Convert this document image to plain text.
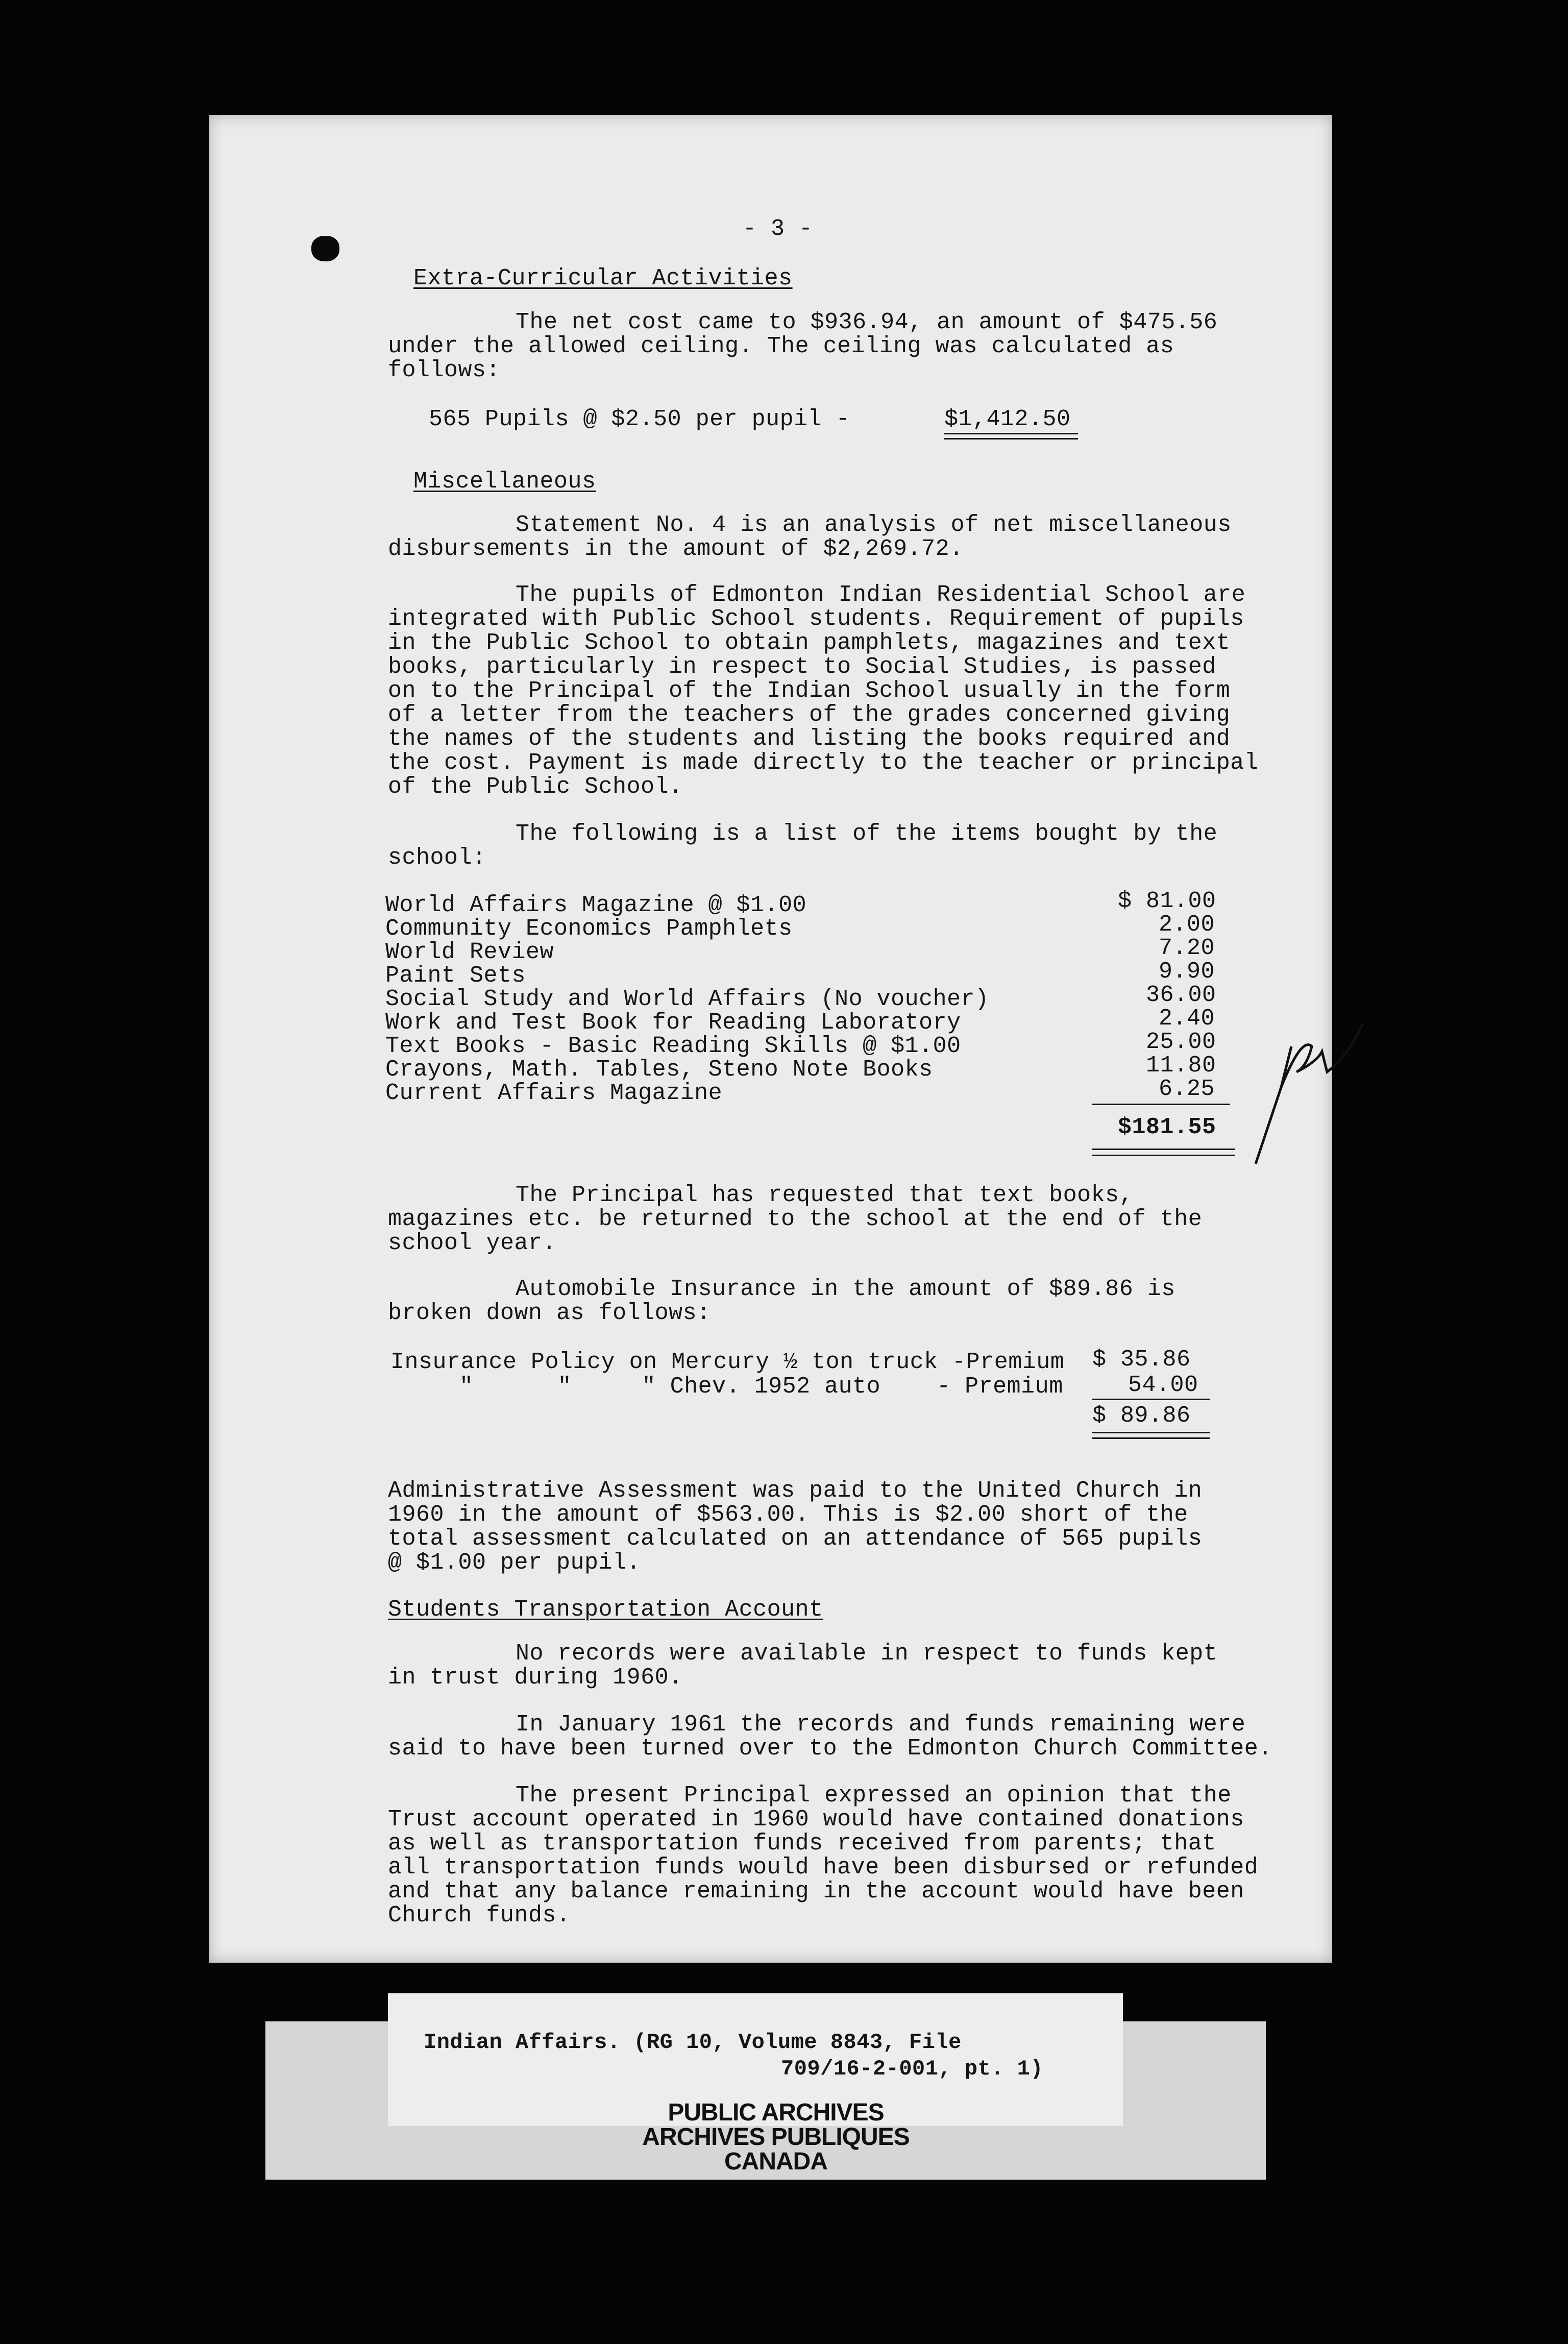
- 3 -
Extra-Curricular Activities
The net cost came to $936.94, an amount of $475.56
under the allowed ceiling. The ceiling was calculated as
follows:
565 Pupils @ $2.50 per pupil -	$1,412.50
Miscellaneous
Statement No. 4 is an analysis of net miscellaneous
disbursements in the amount of $2,269.72.
The pupils of Edmonton Indian Residential School are
integrated with Public School students. Requirement of pupils
in the Public School to obtain pamphlets, magazines and text
books, particularly in respect to Social Studies, is passed
on to the Principal of the Indian School usually in the form
of a letter from the teachers of the grades concerned giving
the names of the students and listing the books required and
the cost. Payment is made directly to the teacher or principal
of the Public School.
The following is a list of the items bought by the
school:
World Affairs Magazine @ $1.00
Community Economics Pamphlets
World Review
Paint Sets
Social Study and World Affairs (No voucher)
Work and Test Book for Reading Laboratory
Text Books - Basic Reading Skills @ $1.00
Crayons, Math. Tables, Steno Note Books
Current Affairs Magazine
$ 81.00
2.00
7.20
9.90
36.00
2.40
25.00
11.80
6.25
$181.55
The Principal has requested that text books,
magazines etc. be returned to the school at the end of the
school year.
Automobile Insurance in the amount of $89.86 is
broken down as follows:
Insurance Policy on Mercury ½ ton truck -Premium $ 35.86
"      "     " Chev. 1952 auto    - Premium	54.00
$ 89.86
Administrative Assessment was paid to the United Church in
1960 in the amount of $563.00. This is $2.00 short of the
total assessment calculated on an attendance of 565 pupils
@ $1.00 per pupil.
Students Transportation Account
No records were available in respect to funds kept
in trust during 1960.
In January 1961 the records and funds remaining were
said to have been turned over to the Edmonton Church Committee.
The present Principal expressed an opinion that the
Trust account operated in 1960 would have contained donations
as well as transportation funds received from parents; that
all transportation funds would have been disbursed or refunded
and that any balance remaining in the account would have been
Church funds.
Indian Affairs. (RG 10, Volume 8843, File
709/16-2-001, pt. 1)
PUBLIC ARCHIVES
ARCHIVES PUBLIQUES
CANADA
